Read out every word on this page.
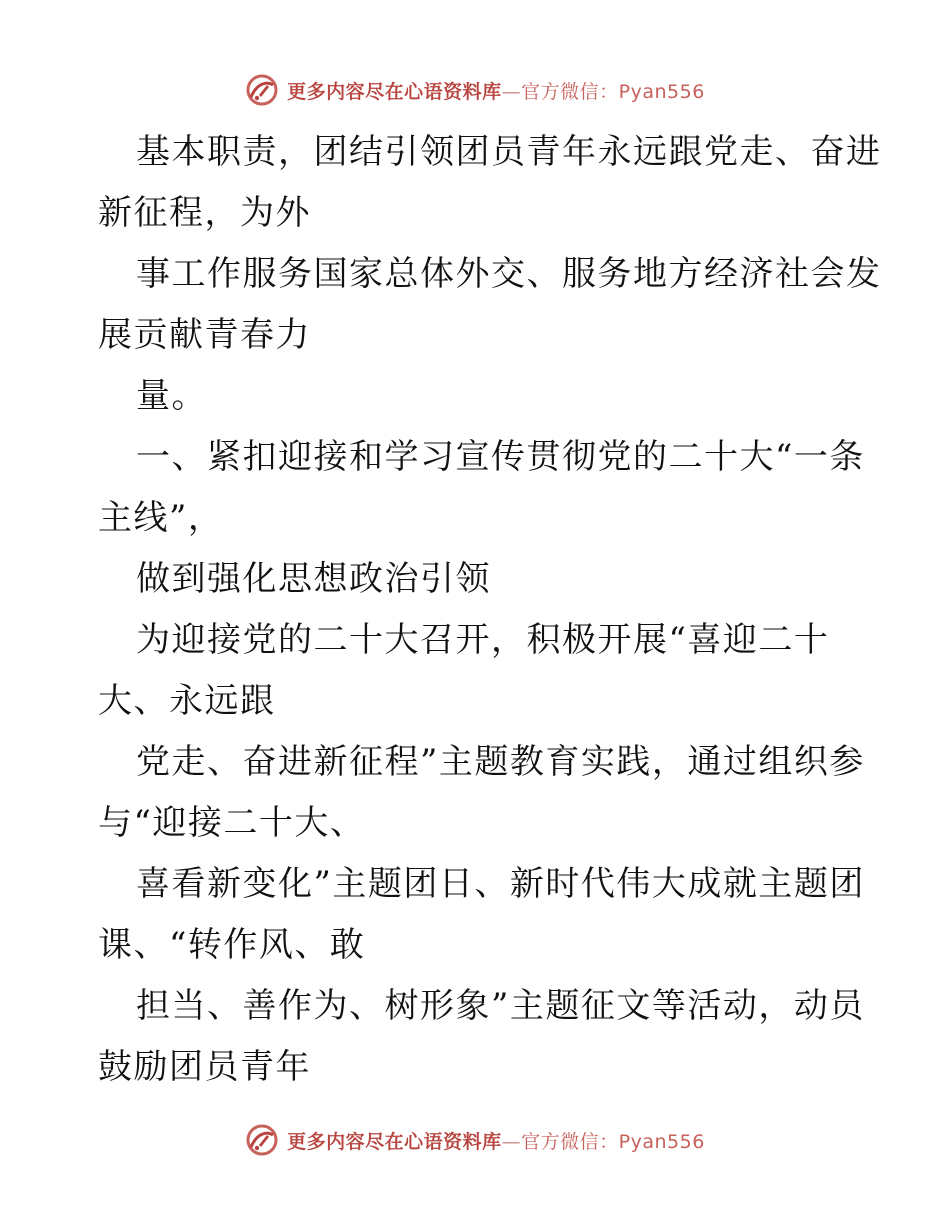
更多内容尽在心语资料库—官方微信：Pyan556
基本职责，团结引领团员青年永远跟党走、奋进
新征程，为外
事工作服务国家总体外交、服务地方经济社会发
展贡献青春力
量。
一、紧扣迎接和学习宣传贯彻党的二十大“一条
主线”，
做到强化思想政治引领
为迎接党的二十大召开，积极开展“喜迎二十
大、永远跟
党走、奋进新征程”主题教育实践，通过组织参
与“迎接二十大、
喜看新变化”主题团日、新时代伟大成就主题团
课、“转作风、敢
担当、善作为、树形象”主题征文等活动，动员
鼓励团员青年
更多内容尽在心语资料库—官方微信：Pyan556
